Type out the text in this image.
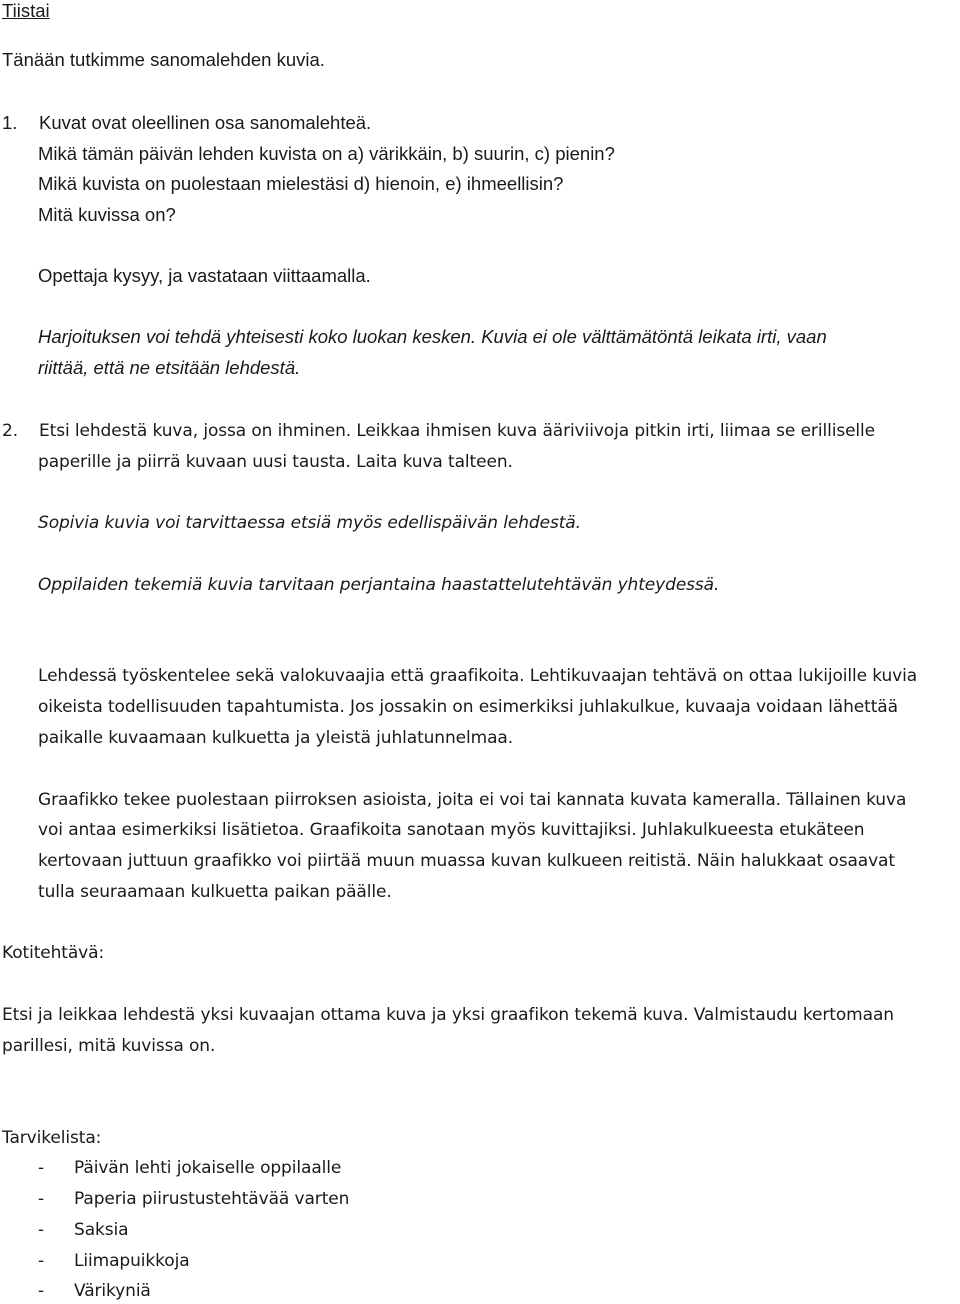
Tiistai
Tänään tutkimme sanomalehden kuvia.
1. Kuvat ovat oleellinen osa sanomalehteä.
Mikä tämän päivän lehden kuvista on a) värikkäin, b) suurin, c) pienin?
Mikä kuvista on puolestaan mielestäsi d) hienoin, e) ihmeellisin?
Mitä kuvissa on?
Opettaja kysyy, ja vastataan viittaamalla.
Harjoituksen voi tehdä yhteisesti koko luokan kesken. Kuvia ei ole välttämätöntä leikata irti, vaan
riittää, että ne etsitään lehdestä.
2. Etsi lehdestä kuva, jossa on ihminen. Leikkaa ihmisen kuva ääriviivoja pitkin irti, liimaa se erilliselle
paperille ja piirrä kuvaan uusi tausta. Laita kuva talteen.
Sopivia kuvia voi tarvittaessa etsiä myös edellispäivän lehdestä.
Oppilaiden tekemiä kuvia tarvitaan perjantaina haastattelutehtävän yhteydessä.
Lehdessä työskentelee sekä valokuvaajia että graafikoita. Lehtikuvaajan tehtävä on ottaa lukijoille kuvia
oikeista todellisuuden tapahtumista. Jos jossakin on esimerkiksi juhlakulkue, kuvaaja voidaan lähettää
paikalle kuvaamaan kulkuetta ja yleistä juhlatunnelmaa.
Graafikko tekee puolestaan piirroksen asioista, joita ei voi tai kannata kuvata kameralla. Tällainen kuva
voi antaa esimerkiksi lisätietoa. Graafikoita sanotaan myös kuvittajiksi. Juhlakulkueesta etukäteen
kertovaan juttuun graafikko voi piirtää muun muassa kuvan kulkueen reitistä. Näin halukkaat osaavat
tulla seuraamaan kulkuetta paikan päälle.
Kotitehtävä:
Etsi ja leikkaa lehdestä yksi kuvaajan ottama kuva ja yksi graafikon tekemä kuva. Valmistaudu kertomaan
parillesi, mitä kuvissa on.
Tarvikelista:
- Päivän lehti jokaiselle oppilaalle
- Paperia piirustustehtävää varten
- Saksia
- Liimapuikkoja
- Värikyniä
